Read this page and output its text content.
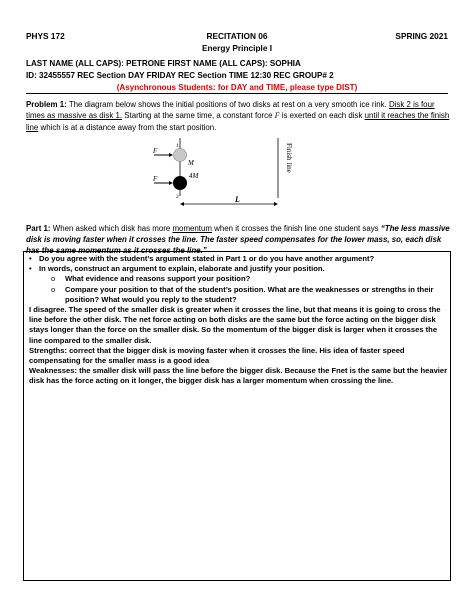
PHYS 172	RECITATION 06	SPRING 2021
Energy Principle I
LAST NAME (ALL CAPS): PETRONE FIRST NAME (ALL CAPS): SOPHIA
ID: 32455557 REC Section DAY FRIDAY REC Section TIME 12:30 REC GROUP# 2
(Asynchronous Students: for DAY and TIME, please type DIST)
Problem 1: The diagram below shows the initial positions of two disks at rest on a very smooth ice rink. Disk 2 is four times as massive as disk 1. Starting at the same time, a constant force F is exerted on each disk until it reaches the finish line which is at a distance away from the start position.
Finish line
F
1
M
F	4M
2	L
Part 1: When asked which disk has more momentum when it crosses the finish line one student says “The less massive disk is moving faster when it crosses the line. The faster speed compensates for the lower mass, so, each disk has the same momentum as it crosses the line.”

• Do you agree with the student’s argument stated in Part 1 or do you have another argument?

• In words, construct an argument to explain, elaborate and justify your position.

o What evidence and reasons support your position?

o Compare your position to that of the student’s position. What are the weaknesses or strengths in their

position? What would you reply to the student?

I disagree. The speed of the smaller disk is greater when it crosses the line, but that means it is going to cross the line before the other disk. The net force acting on both disks are the same but the force acting on the bigger disk stays longer than the force on the smaller disk. So the momentum of the bigger disk is larger when it crosses the line compared to the smaller disk.

Strengths: correct that the bigger disk is moving faster when it crosses the line. His idea of faster speed compensating for the smaller mass is a good idea

Weaknesses: the smaller disk will pass the line before the bigger disk. Because the Fnet is the same but the heavier disk has the force acting on it longer, the bigger disk has a larger momentum when crossing the line.
